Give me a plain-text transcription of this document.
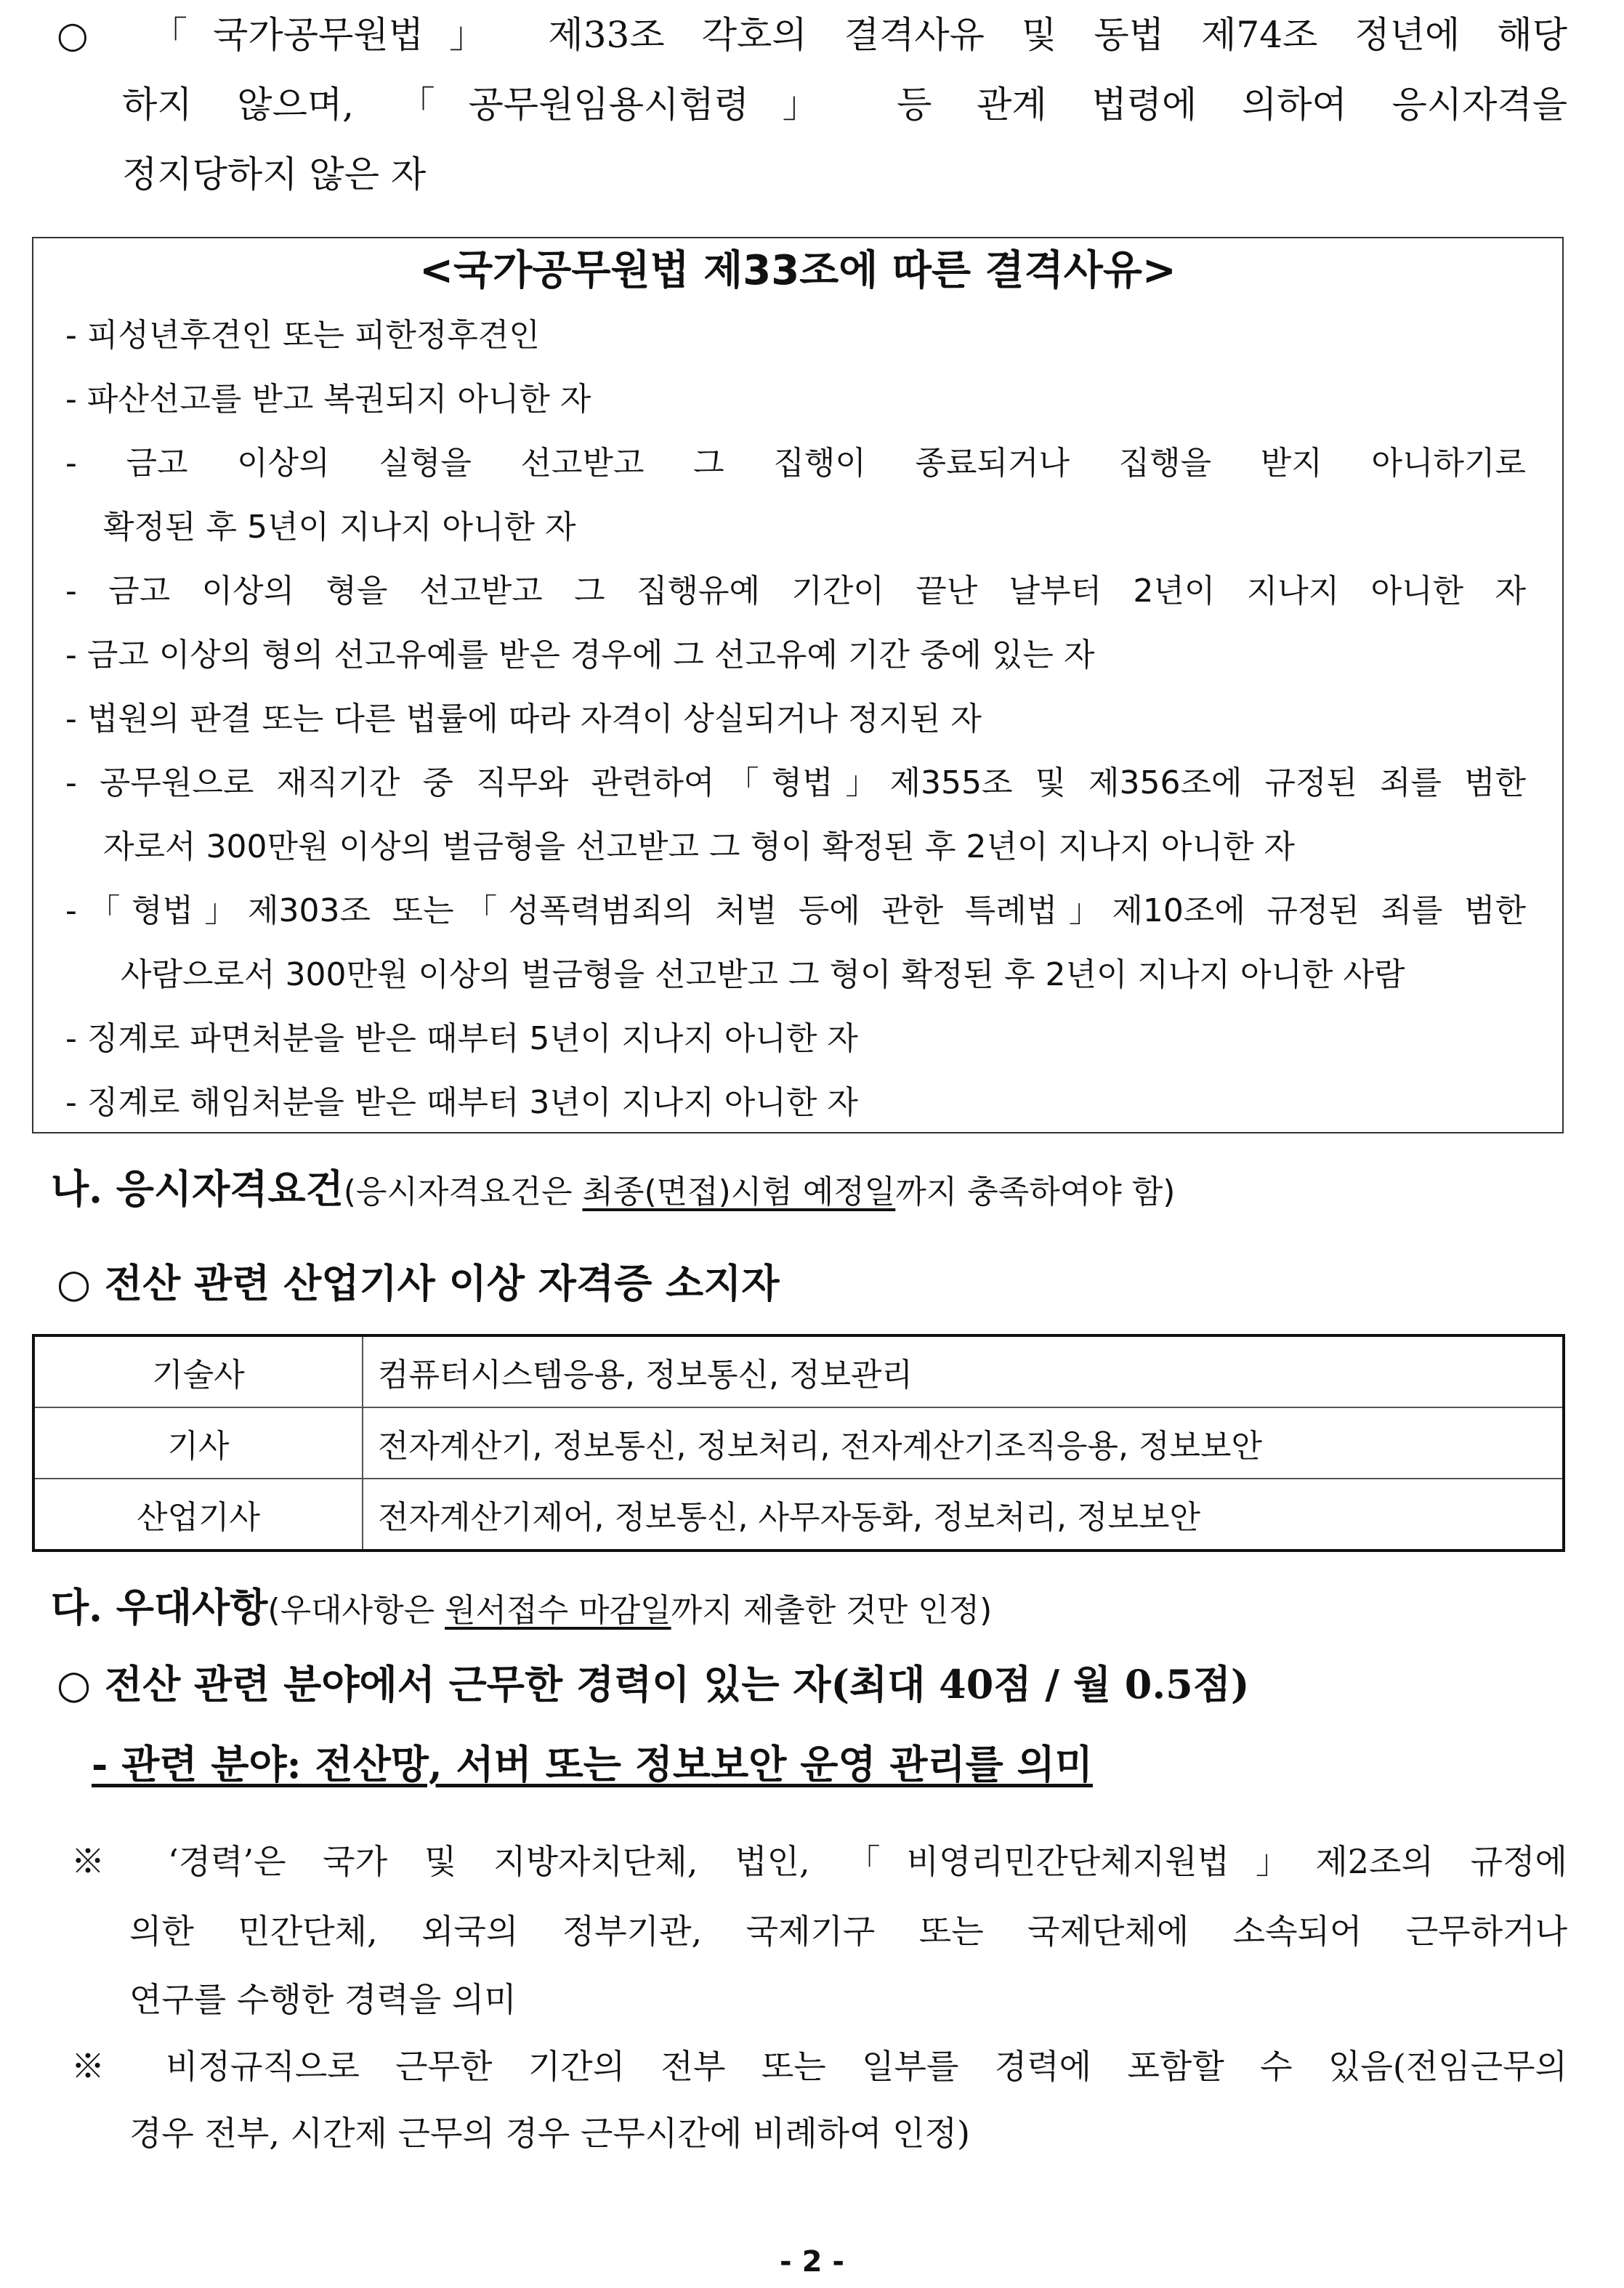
○ 「국가공무원법」 제33조 각호의 결격사유 및 동법 제74조 정년에 해당
하지 않으며, 「공무원임용시험령」 등 관계 법령에 의하여 응시자격을
정지당하지 않은 자
<국가공무원법 제33조에 따른 결격사유>
- 피성년후견인 또는 피한정후견인
- 파산선고를 받고 복권되지 아니한 자
- 금고 이상의 실형을 선고받고 그 집행이 종료되거나 집행을 받지 아니하기로
확정된 후 5년이 지나지 아니한 자
- 금고 이상의 형을 선고받고 그 집행유예 기간이 끝난 날부터 2년이 지나지 아니한 자
- 금고 이상의 형의 선고유예를 받은 경우에 그 선고유예 기간 중에 있는 자
- 법원의 판결 또는 다른 법률에 따라 자격이 상실되거나 정지된 자
- 공무원으로 재직기간 중 직무와 관련하여「형법」제355조 및 제356조에 규정된 죄를 범한
자로서 300만원 이상의 벌금형을 선고받고 그 형이 확정된 후 2년이 지나지 아니한 자
-「형법」제303조 또는「성폭력범죄의 처벌 등에 관한 특례법」제10조에 규정된 죄를 범한
사람으로서 300만원 이상의 벌금형을 선고받고 그 형이 확정된 후 2년이 지나지 아니한 사람
- 징계로 파면처분을 받은 때부터 5년이 지나지 아니한 자
- 징계로 해임처분을 받은 때부터 3년이 지나지 아니한 자
나. 응시자격요건(응시자격요건은 최종(면접)시험 예정일까지 충족하여야 함)
○ 전산 관련 산업기사 이상 자격증 소지자
기술사	컴퓨터시스템응용, 정보통신, 정보관리
기사	전자계산기, 정보통신, 정보처리, 전자계산기조직응용, 정보보안
산업기사	전자계산기제어, 정보통신, 사무자동화, 정보처리, 정보보안
다. 우대사항(우대사항은 원서접수 마감일까지 제출한 것만 인정)
○ 전산 관련 분야에서 근무한 경력이 있는 자(최대 40점 / 월 0.5점)
- 관련 분야: 전산망, 서버 또는 정보보안 운영 관리를 의미
※ ‘경력’은 국가 및 지방자치단체, 법인, 「비영리민간단체지원법」제2조의 규정에
의한 민간단체, 외국의 정부기관, 국제기구 또는 국제단체에 소속되어 근무하거나
연구를 수행한 경력을 의미
※ 비정규직으로 근무한 기간의 전부 또는 일부를 경력에 포함할 수 있음(전임근무의
경우 전부, 시간제 근무의 경우 근무시간에 비례하여 인정)
- 2 -
